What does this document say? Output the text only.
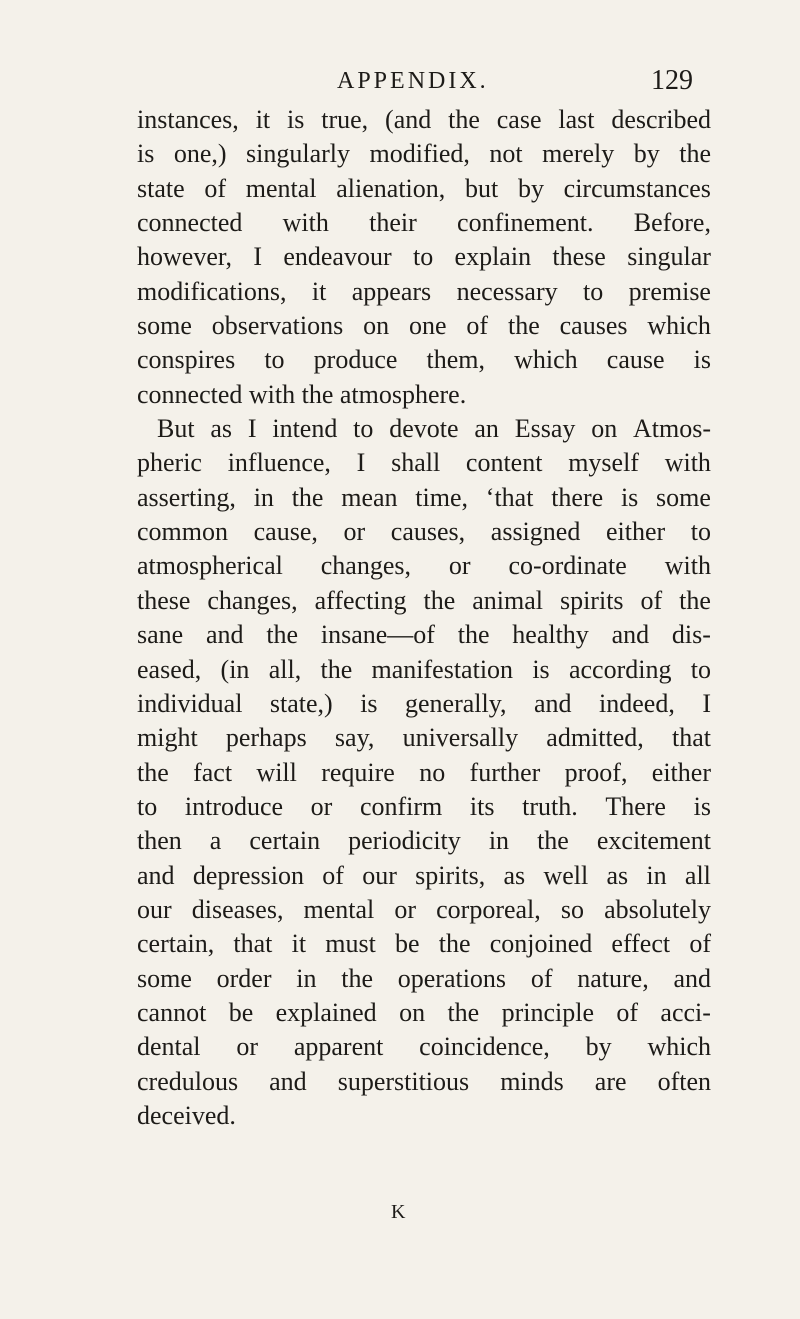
APPENDIX.	129
instances, it is true, (and the case last described
is one,) singularly modified, not merely by the
state of mental alienation, but by circumstances
connected with their confinement. Before,
however, I endeavour to explain these singular
modifications, it appears necessary to premise
some observations on one of the causes which
conspires to produce them, which cause is
connected with the atmosphere.
But as I intend to devote an Essay on Atmos-
pheric influence, I shall content myself with
asserting, in the mean time, ‘that there is some
common cause, or causes, assigned either to
atmospherical changes, or co-ordinate with
these changes, affecting the animal spirits of the
sane and the insane—of the healthy and dis-
eased, (in all, the manifestation is according to
individual state,) is generally, and indeed, I
might perhaps say, universally admitted, that
the fact will require no further proof, either
to introduce or confirm its truth. There is
then a certain periodicity in the excitement
and depression of our spirits, as well as in all
our diseases, mental or corporeal, so absolutely
certain, that it must be the conjoined effect of
some order in the operations of nature, and
cannot be explained on the principle of acci-
dental or apparent coincidence, by which
credulous and superstitious minds are often
deceived.
K
